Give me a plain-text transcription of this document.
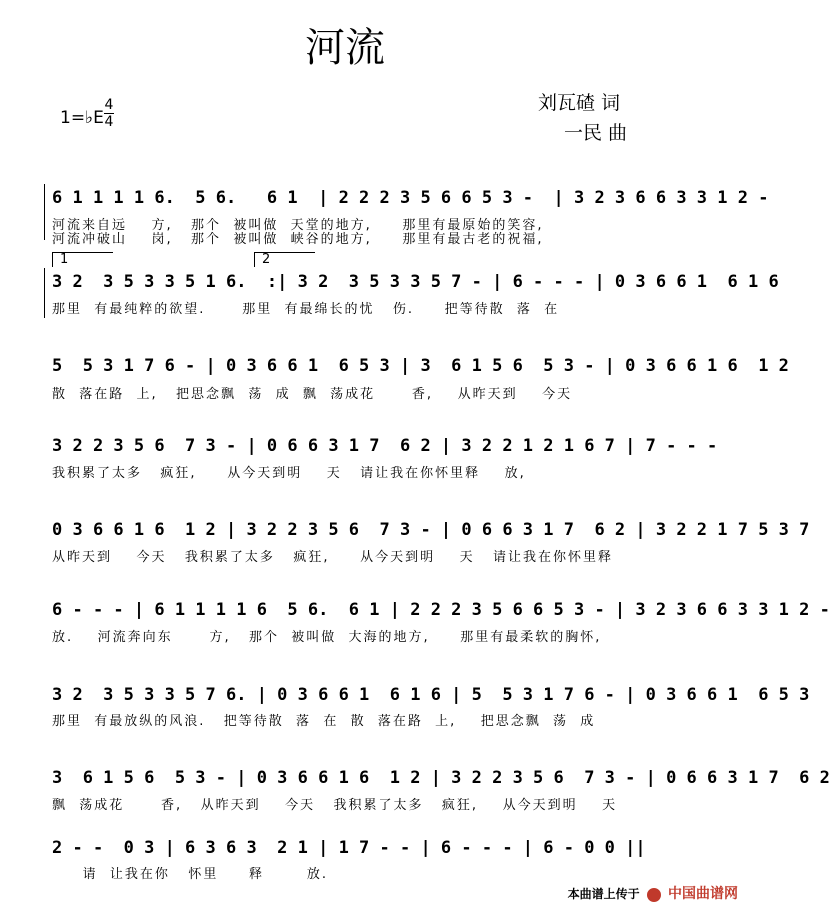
河流
1=♭E
4
4
刘瓦碴 词
一民 曲
6 1 1 1 1 6.  5 6.   6 1  | 2 2 2 3 5 6 6 5 3 -  | 3 2 3 6 6 3 3 1 2 -
河流来自远    方,   那个  被叫做  天堂的地方,     那里有最原始的笑容,
河流冲破山    岗,   那个  被叫做  峡谷的地方,     那里有最古老的祝福,
1	2
3 2  3 5 3 3 5 1 6.  :| 3 2  3 5 3 3 5 7 - | 6 - - - | 0 3 6 6 1  6 1 6
那里  有最纯粹的欲望.      那里  有最绵长的忧   伤.     把等待散  落  在
5  5 3 1 7 6 - | 0 3 6 6 1  6 5 3 | 3  6 1 5 6  5 3 - | 0 3 6 6 1 6  1 2
散  落在路  上,   把思念飘  荡  成  飘  荡成花      香,    从昨天到    今天
3 2 2 3 5 6  7 3 - | 0 6 6 3 1 7  6 2 | 3 2 2 1 2 1 6 7 | 7 - - -
我积累了太多   疯狂,     从今天到明    天   请让我在你怀里释    放,
0 3 6 6 1 6  1 2 | 3 2 2 3 5 6  7 3 - | 0 6 6 3 1 7  6 2 | 3 2 2 1 7 5 3 7
从昨天到    今天   我积累了太多   疯狂,     从今天到明    天   请让我在你怀里释
6 - - - | 6 1 1 1 1 6  5 6.  6 1 | 2 2 2 3 5 6 6 5 3 - | 3 2 3 6 6 3 3 1 2 -
放.    河流奔向东      方,   那个  被叫做  大海的地方,     那里有最柔软的胸怀,
3 2  3 5 3 3 5 7 6. | 0 3 6 6 1  6 1 6 | 5  5 3 1 7 6 - | 0 3 6 6 1  6 5 3
那里  有最放纵的风浪.   把等待散  落  在  散  落在路  上,    把思念飘  荡  成
3  6 1 5 6  5 3 - | 0 3 6 6 1 6  1 2 | 3 2 2 3 5 6  7 3 - | 0 6 6 3 1 7  6 2
飘  荡成花      香,   从昨天到    今天   我积累了太多   疯狂,    从今天到明    天
2 - -  0 3 | 6 3 6 3  2 1 | 1 7 - - | 6 - - - | 6 - 0 0 ||
请  让我在你   怀里     释       放.
本曲谱上传于 中国曲谱网
